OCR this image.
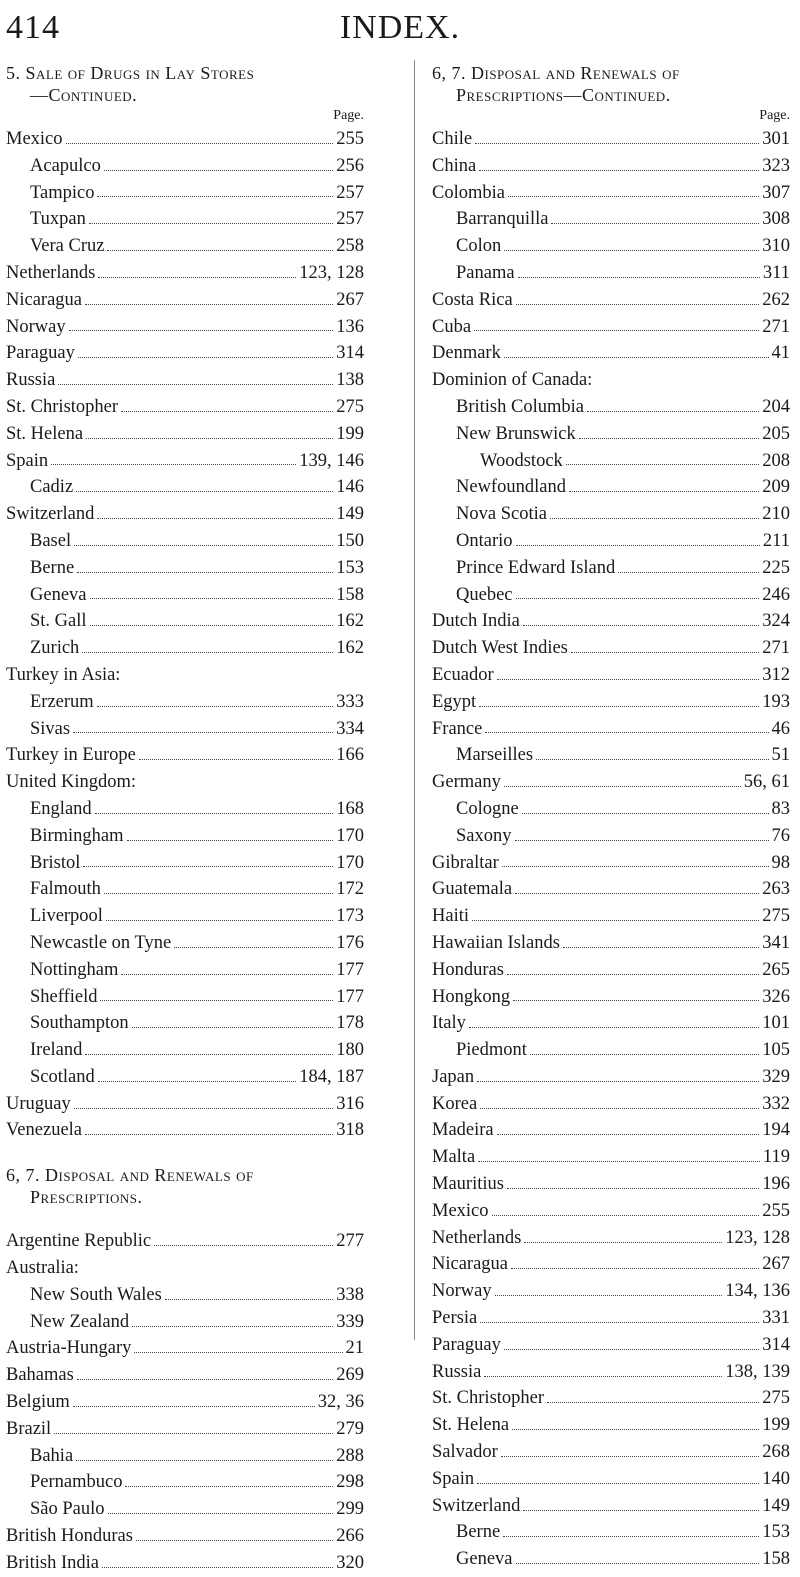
414	INDEX.
5. Sale of Drugs in Lay Stores
—Continued.
Page.
Mexico	255
Acapulco	256
Tampico	257
Tuxpan	257
Vera Cruz	258
Netherlands	123, 128
Nicaragua	267
Norway	136
Paraguay	314
Russia	138
St. Christopher	275
St. Helena	199
Spain	139, 146
Cadiz	146
Switzerland	149
Basel	150
Berne	153
Geneva	158
St. Gall	162
Zurich	162
Turkey in Asia:
Erzerum	333
Sivas	334
Turkey in Europe	166
United Kingdom:
England	168
Birmingham	170
Bristol	170
Falmouth	172
Liverpool	173
Newcastle on Tyne	176
Nottingham	177
Sheffield	177
Southampton	178
Ireland	180
Scotland	184, 187
Uruguay	316
Venezuela	318
6, 7. Disposal and Renewals of
Prescriptions.
Argentine Republic	277
Australia:
New South Wales	338
New Zealand	339
Austria-Hungary	21
Bahamas	269
Belgium	32, 36
Brazil	279
Bahia	288
Pernambuco	298
São Paulo	299
British Honduras	266
British India	320
6, 7. Disposal and Renewals of
Prescriptions—Continued.
Page.
Chile	301
China	323
Colombia	307
Barranquilla	308
Colon	310
Panama	311
Costa Rica	262
Cuba	271
Denmark	41
Dominion of Canada:
British Columbia	204
New Brunswick	205
Woodstock	208
Newfoundland	209
Nova Scotia	210
Ontario	211
Prince Edward Island	225
Quebec	246
Dutch India	324
Dutch West Indies	271
Ecuador	312
Egypt	193
France	46
Marseilles	51
Germany	56, 61
Cologne	83
Saxony	76
Gibraltar	98
Guatemala	263
Haiti	275
Hawaiian Islands	341
Honduras	265
Hongkong	326
Italy	101
Piedmont	105
Japan	329
Korea	332
Madeira	194
Malta	119
Mauritius	196
Mexico	255
Netherlands	123, 128
Nicaragua	267
Norway	134, 136
Persia	331
Paraguay	314
Russia	138, 139
St. Christopher	275
St. Helena	199
Salvador	268
Spain	140
Switzerland	149
Berne	153
Geneva	158
